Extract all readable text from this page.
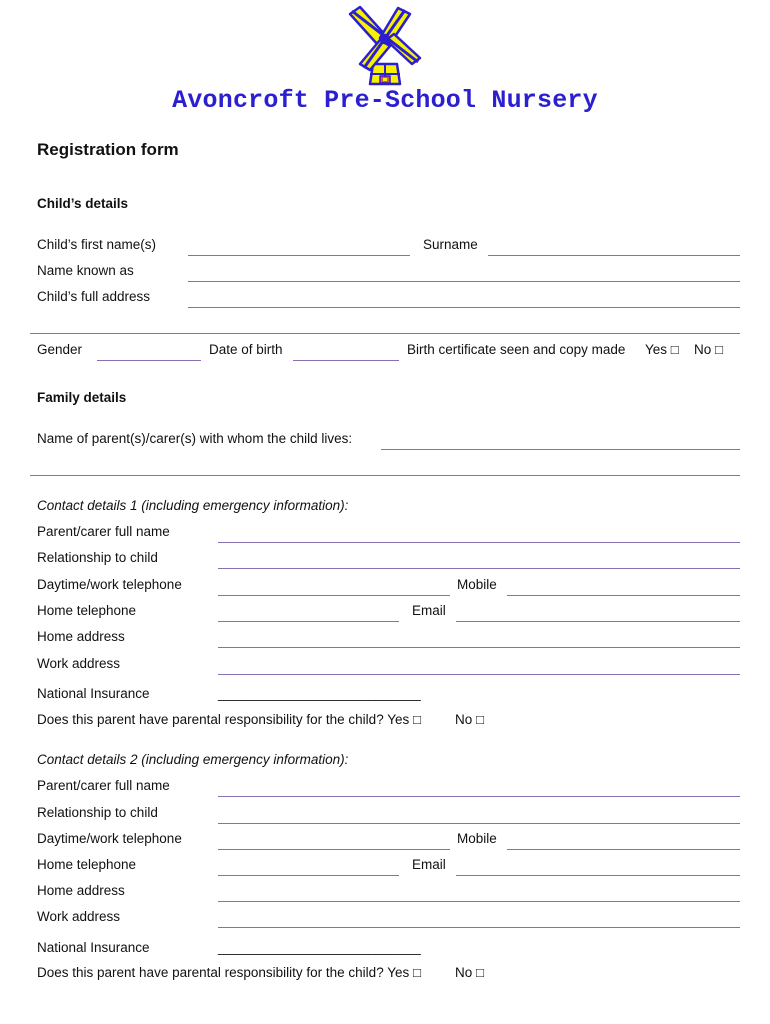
Avoncroft Pre-School Nursery
Registration form
Child’s details
Child’s first name(s)	Surname
Name known as
Child’s full address
Gender	Date of birth	Birth certificate seen and copy made Yes □ No □
Family details
Name of parent(s)/carer(s) with whom the child lives:
Contact details 1 (including emergency information):
Parent/carer full name
Relationship to child
Daytime/work telephone	Mobile
Home telephone	Email
Home address
Work address
National Insurance	___________________________
Does this parent have parental responsibility for the child? Yes □	No □
Contact details 2 (including emergency information):
Parent/carer full name
Relationship to child
Daytime/work telephone	Mobile
Home telephone	Email
Home address
Work address
National Insurance	___________________________
Does this parent have parental responsibility for the child? Yes □	No □
